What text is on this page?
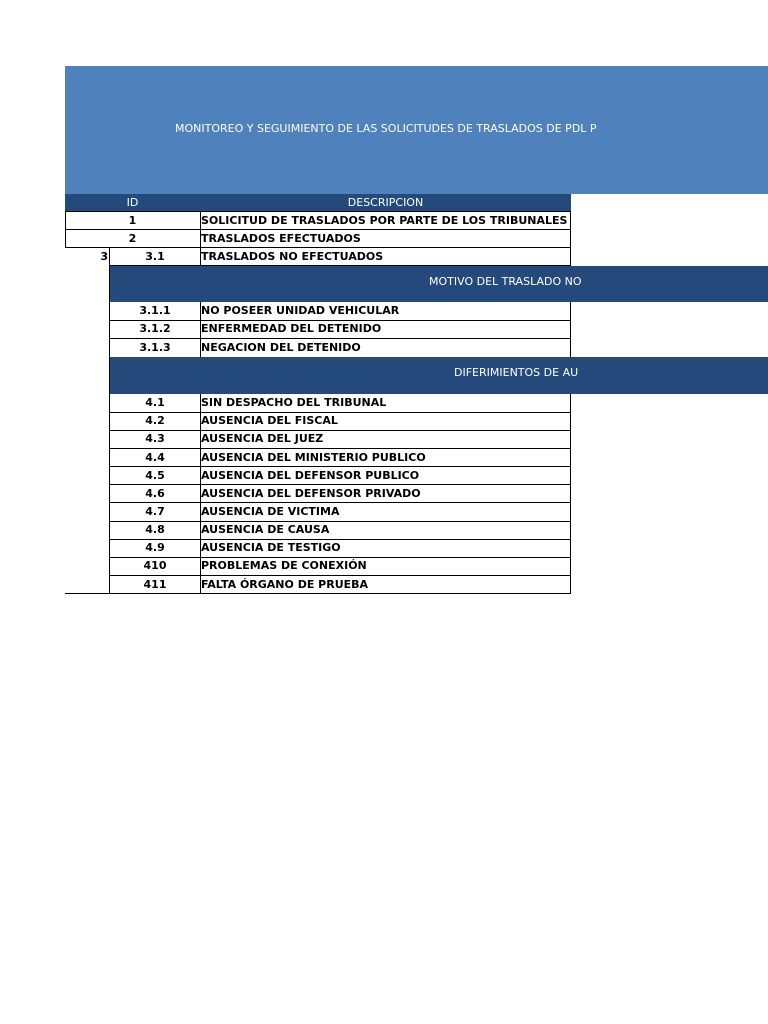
MONITOREO Y SEGUIMIENTO DE LAS SOLICITUDES DE TRASLADOS DE PDL P
ID	DESCRIPCION
1	SOLICITUD DE TRASLADOS POR PARTE DE LOS TRIBUNALES
2	TRASLADOS EFECTUADOS
3	3.1	TRASLADOS NO EFECTUADOS
MOTIVO DEL TRASLADO NO
3.1.1	NO POSEER UNIDAD VEHICULAR
3.1.2	ENFERMEDAD DEL DETENIDO
3.1.3	NEGACION DEL DETENIDO
DIFERIMIENTOS DE AU
4.1	SIN DESPACHO DEL TRIBUNAL
4.2	AUSENCIA DEL FISCAL
4.3	AUSENCIA DEL JUEZ
4.4	AUSENCIA DEL MINISTERIO PUBLICO
4.5	AUSENCIA DEL DEFENSOR PUBLICO
4.6	AUSENCIA DEL DEFENSOR PRIVADO
4.7	AUSENCIA DE VICTIMA
4.8	AUSENCIA DE CAUSA
4.9	AUSENCIA DE TESTIGO
410	PROBLEMAS DE CONEXIÓN
411	FALTA ÓRGANO DE PRUEBA
